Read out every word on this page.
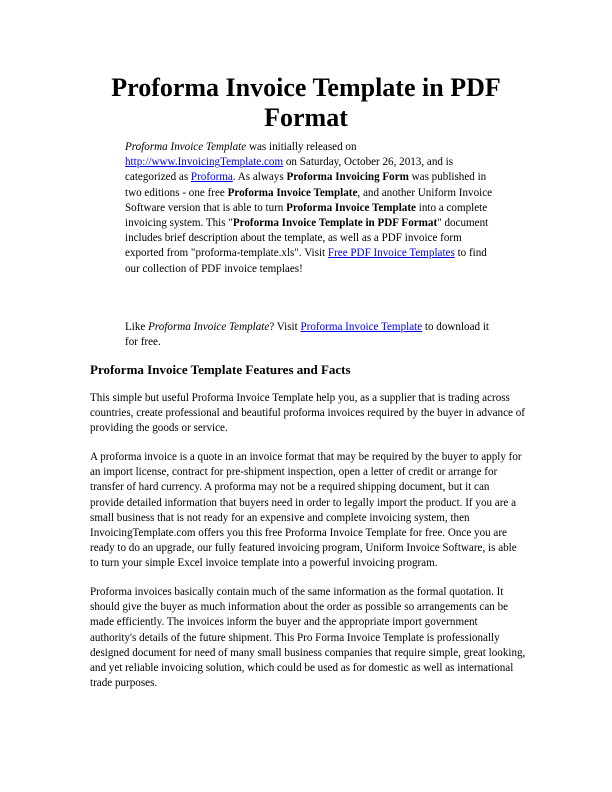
Proforma Invoice Template in PDF Format
Proforma Invoice Template was initially released on http://www.InvoicingTemplate.com on Saturday, October 26, 2013, and is categorized as Proforma. As always Proforma Invoicing Form was published in two editions - one free Proforma Invoice Template, and another Uniform Invoice Software version that is able to turn Proforma Invoice Template into a complete invoicing system. This "Proforma Invoice Template in PDF Format" document includes brief description about the template, as well as a PDF invoice form exported from "proforma-template.xls". Visit Free PDF Invoice Templates to find our collection of PDF invoice templaes!
Like Proforma Invoice Template? Visit Proforma Invoice Template to download it for free.
Proforma Invoice Template Features and Facts
This simple but useful Proforma Invoice Template help you, as a supplier that is trading across countries, create professional and beautiful proforma invoices required by the buyer in advance of providing the goods or service.
A proforma invoice is a quote in an invoice format that may be required by the buyer to apply for an import license, contract for pre-shipment inspection, open a letter of credit or arrange for transfer of hard currency. A proforma may not be a required shipping document, but it can provide detailed information that buyers need in order to legally import the product. If you are a small business that is not ready for an expensive and complete invoicing system, then InvoicingTemplate.com offers you this free Proforma Invoice Template for free. Once you are ready to do an upgrade, our fully featured invoicing program, Uniform Invoice Software, is able to turn your simple Excel invoice template into a powerful invoicing program.
Proforma invoices basically contain much of the same information as the formal quotation. It should give the buyer as much information about the order as possible so arrangements can be made efficiently. The invoices inform the buyer and the appropriate import government authority's details of the future shipment. This Pro Forma Invoice Template is professionally designed document for need of many small business companies that require simple, great looking, and yet reliable invoicing solution, which could be used as for domestic as well as international trade purposes.
